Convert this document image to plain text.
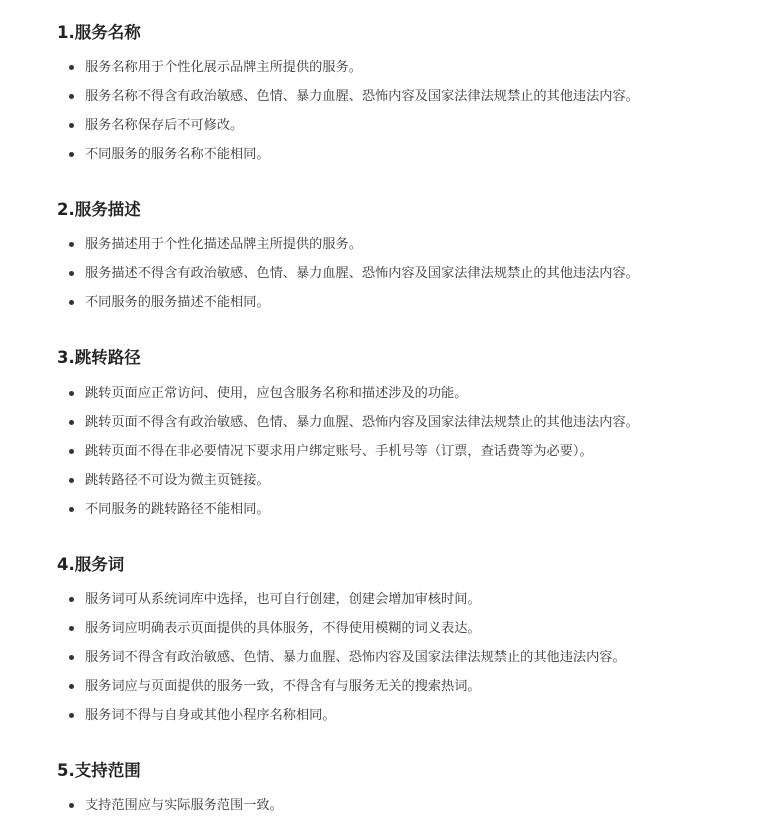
1.服务名称
服务名称用于个性化展示品牌主所提供的服务。
服务名称不得含有政治敏感、色情、暴力血腥、恐怖内容及国家法律法规禁止的其他违法内容。
服务名称保存后不可修改。
不同服务的服务名称不能相同。
2.服务描述
服务描述用于个性化描述品牌主所提供的服务。
服务描述不得含有政治敏感、色情、暴力血腥、恐怖内容及国家法律法规禁止的其他违法内容。
不同服务的服务描述不能相同。
3.跳转路径
跳转页面应正常访问、使用，应包含服务名称和描述涉及的功能。
跳转页面不得含有政治敏感、色情、暴力血腥、恐怖内容及国家法律法规禁止的其他违法内容。
跳转页面不得在非必要情况下要求用户绑定账号、手机号等（订票，查话费等为必要）。
跳转路径不可设为微主页链接。
不同服务的跳转路径不能相同。
4.服务词
服务词可从系统词库中选择，也可自行创建，创建会增加审核时间。
服务词应明确表示页面提供的具体服务，不得使用模糊的词义表达。
服务词不得含有政治敏感、色情、暴力血腥、恐怖内容及国家法律法规禁止的其他违法内容。
服务词应与页面提供的服务一致，不得含有与服务无关的搜索热词。
服务词不得与自身或其他小程序名称相同。
5.支持范围
支持范围应与实际服务范围一致。
